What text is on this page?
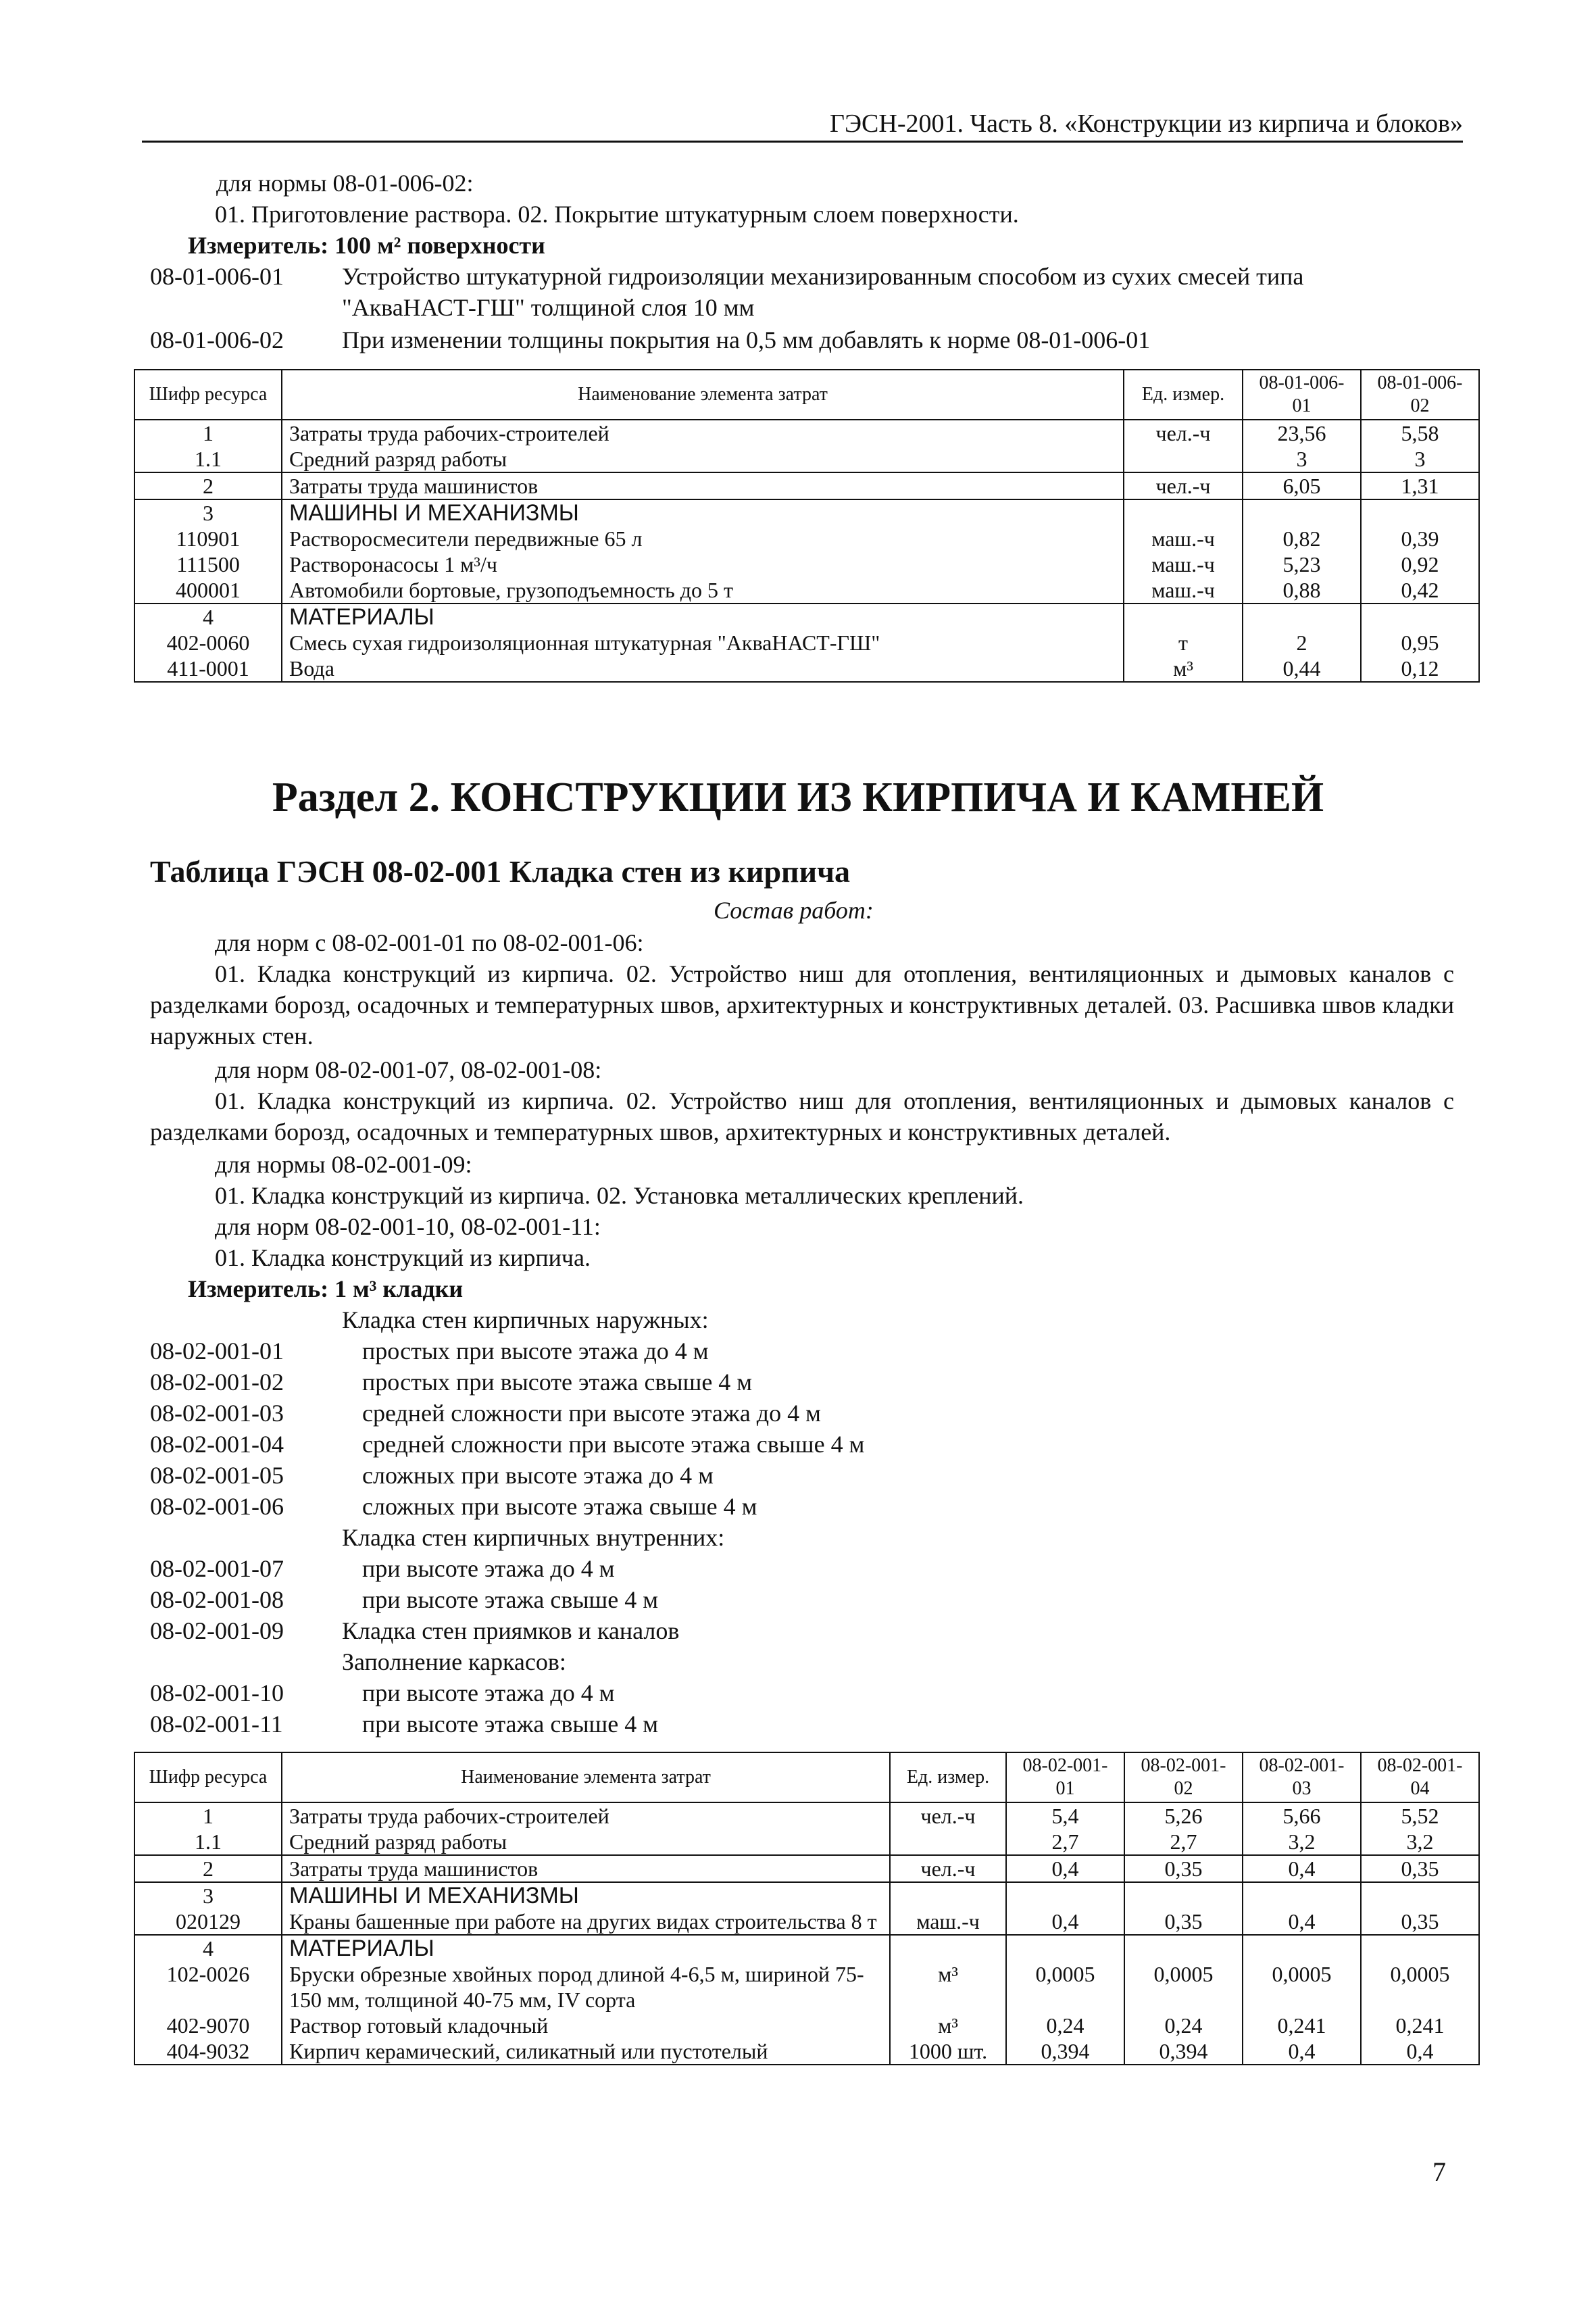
ГЭСН-2001. Часть 8. «Конструкции из кирпича и блоков»
для нормы 08-01-006-02:
01. Приготовление раствора. 02. Покрытие штукатурным слоем поверхности.
Измеритель: 100 м² поверхности
08-01-006-01 Устройство штукатурной гидроизоляции механизированным способом из сухих смесей типа
"АкваНАСТ-ГШ" толщиной слоя 10 мм
08-01-006-02 При изменении толщины покрытия на 0,5 мм добавлять к норме 08-01-006-01
Шифр ресурса	Наименование элемента затрат	Ед. измер.	08-01-006-01	08-01-006-02
1	Затраты труда рабочих-строителей	чел.-ч	23,56	5,58
1.1	Средний разряд работы		3	3
2	Затраты труда машинистов	чел.-ч	6,05	1,31
3	МАШИНЫ И МЕХАНИЗМЫ			
110901	Растворосмесители передвижные 65 л	маш.-ч	0,82	0,39
111500	Растворонасосы 1 м³/ч	маш.-ч	5,23	0,92
400001	Автомобили бортовые, грузоподъемность до 5 т	маш.-ч	0,88	0,42
4	МАТЕРИАЛЫ			
402-0060	Смесь сухая гидроизоляционная штукатурная "АкваНАСТ-ГШ"	т	2	0,95
411-0001	Вода	м³	0,44	0,12
Раздел 2. КОНСТРУКЦИИ ИЗ КИРПИЧА И КАМНЕЙ
Таблица ГЭСН 08-02-001 Кладка стен из кирпича
Состав работ:
для норм с 08-02-001-01 по 08-02-001-06:
01. Кладка конструкций из кирпича. 02. Устройство ниш для отопления, вентиляционных и дымовых каналов с разделками борозд, осадочных и температурных швов, архитектурных и конструктивных деталей. 03. Расшивка швов кладки наружных стен.
для норм 08-02-001-07, 08-02-001-08:
01. Кладка конструкций из кирпича. 02. Устройство ниш для отопления, вентиляционных и дымовых каналов с разделками борозд, осадочных и температурных швов, архитектурных и конструктивных деталей.
для нормы 08-02-001-09:
01. Кладка конструкций из кирпича. 02. Установка металлических креплений.
для норм 08-02-001-10, 08-02-001-11:
01. Кладка конструкций из кирпича.
Измеритель: 1 м³ кладки
Кладка стен кирпичных наружных:
08-02-001-01	простых при высоте этажа до 4 м
08-02-001-02	простых при высоте этажа свыше 4 м
08-02-001-03	средней сложности при высоте этажа до 4 м
08-02-001-04	средней сложности при высоте этажа свыше 4 м
08-02-001-05	сложных при высоте этажа до 4 м
08-02-001-06	сложных при высоте этажа свыше 4 м
Кладка стен кирпичных внутренних:
08-02-001-07	при высоте этажа до 4 м
08-02-001-08	при высоте этажа свыше 4 м
08-02-001-09 Кладка стен приямков и каналов
Заполнение каркасов:
08-02-001-10	при высоте этажа до 4 м
08-02-001-11	при высоте этажа свыше 4 м
Шифр ресурса	Наименование элемента затрат	Ед. измер.	08-02-001-01	08-02-001-02	08-02-001-03	08-02-001-04
1	Затраты труда рабочих-строителей	чел.-ч	5,4	5,26	5,66	5,52
1.1	Средний разряд работы		2,7	2,7	3,2	3,2
2	Затраты труда машинистов	чел.-ч	0,4	0,35	0,4	0,35
3	МАШИНЫ И МЕХАНИЗМЫ					
020129	Краны башенные при работе на других видах строительства 8 т	маш.-ч	0,4	0,35	0,4	0,35
4	МАТЕРИАЛЫ					
102-0026	Бруски обрезные хвойных пород длиной 4-6,5 м, шириной 75-150 мм, толщиной 40-75 мм, IV сорта	м³	0,0005	0,0005	0,0005	0,0005
402-9070	Раствор готовый кладочный	м³	0,24	0,24	0,241	0,241
404-9032	Кирпич керамический, силикатный или пустотелый	1000 шт.	0,394	0,394	0,4	0,4
7
